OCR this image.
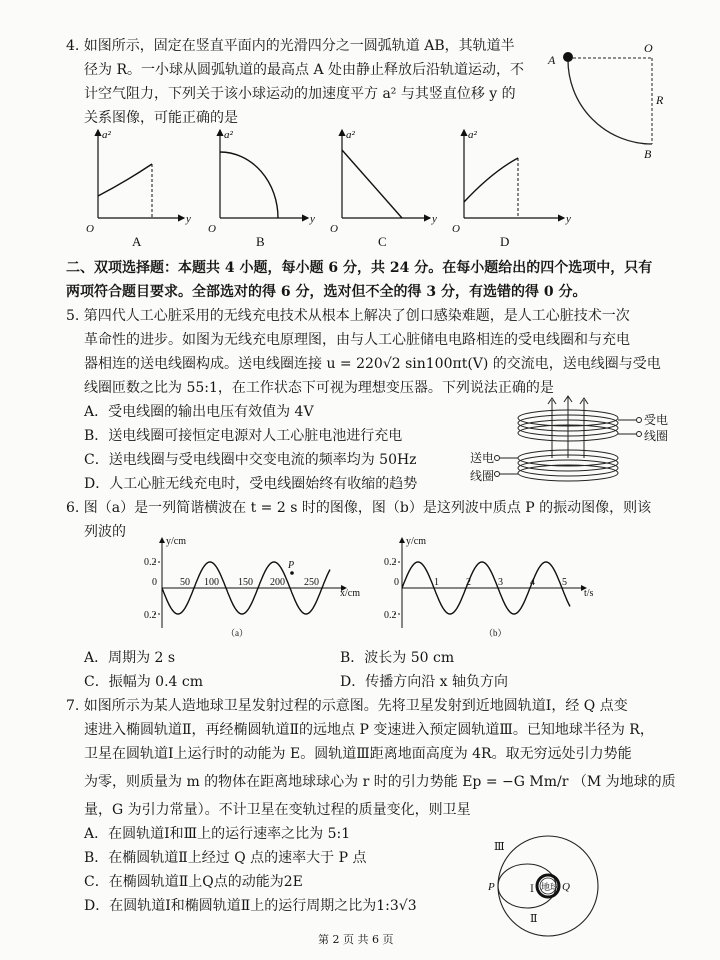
4. 如图所示，固定在竖直平面内的光滑四分之一圆弧轨道 AB，其轨道半
径为 R。一小球从圆弧轨道的最高点 A 处由静止释放后沿轨道运动，不
计空气阻力，下列关于该小球运动的加速度平方 a² 与其竖直位移 y 的
关系图像，可能正确的是
A
O
R
B
a²
y
O
A
a²
y
O
B
a²
y
O
C
a²
y
O
D
二、双项选择题：本题共 4 小题，每小题 6 分，共 24 分。在每小题给出的四个选项中，只有
两项符合题目要求。全部选对的得 6 分，选对但不全的得 3 分，有选错的得 0 分。
5. 第四代人工心脏采用的无线充电技术从根本上解决了创口感染难题，是人工心脏技术一次
革命性的进步。如图为无线充电原理图，由与人工心脏储电电路相连的受电线圈和与充电
器相连的送电线圈构成。送电线圈连接 u = 220√2 sin100πt(V) 的交流电，送电线圈与受电
线圈匝数之比为 55:1，在工作状态下可视为理想变压器。下列说法正确的是
A．受电线圈的输出电压有效值为 4V
B．送电线圈可接恒定电源对人工心脏电池进行充电
C．送电线圈与受电线圈中交变电流的频率均为 50Hz
D．人工心脏无线充电时，受电线圈始终有收缩的趋势
受电
线圈
送电
线圈
6. 图（a）是一列简谐横波在 t = 2 s 时的图像，图（b）是这列波中质点 P 的振动图像，则该
列波的
y/cm
x/cm
0.2
0.2
0 50 100 150 200 250
P
（a）
y/cm
t/s
0.2
0.2
0	1	2	3	4	5
（b）
A．周期为 2 s	B．波长为 50 cm
C．振幅为 0.4 cm	D．传播方向沿 x 轴负方向
7. 如图所示为某人造地球卫星发射过程的示意图。先将卫星发射到近地圆轨道Ⅰ，经 Q 点变
速进入椭圆轨道Ⅱ，再经椭圆轨道Ⅱ的远地点 P 变速进入预定圆轨道Ⅲ。已知地球半径为 R，
卫星在圆轨道Ⅰ上运行时的动能为 E。圆轨道Ⅲ距离地面高度为 4R。取无穷远处引力势能
为零，则质量为 m 的物体在距离地球球心为 r 时的引力势能 Ep = −G Mm/r （M 为地球的质
量，G 为引力常量）。不计卫星在变轨过程的质量变化，则卫星
A．在圆轨道Ⅰ和Ⅲ上的运行速率之比为 5:1
B．在椭圆轨道Ⅱ上经过 Q 点的速率大于 P 点
C．在椭圆轨道Ⅱ上Q点的动能为2E
D．在圆轨道Ⅰ和椭圆轨道Ⅱ上的运行周期之比为1:3√3
地球
Ⅲ
Ⅰ
Ⅱ
P	Q
第 2 页 共 6 页
